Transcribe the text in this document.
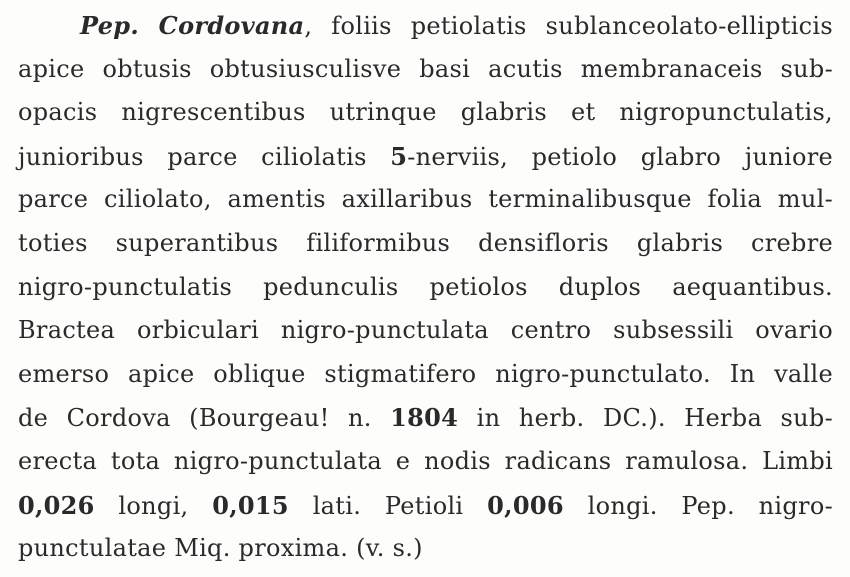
Pep. Cordovana, foliis petiolatis sublanceolato-ellipticis
apice obtusis obtusiusculisve basi acutis membranaceis sub-
opacis nigrescentibus utrinque glabris et nigropunctulatis,
junioribus parce ciliolatis 5-nerviis, petiolo glabro juniore
parce ciliolato, amentis axillaribus terminalibusque folia mul-
toties superantibus filiformibus densifloris glabris crebre
nigro-punctulatis pedunculis petiolos duplos aequantibus.
Bractea orbiculari nigro-punctulata centro subsessili ovario
emerso apice oblique stigmatifero nigro-punctulato. In valle
de Cordova (Bourgeau! n. 1804 in herb. DC.). Herba sub-
erecta tota nigro-punctulata e nodis radicans ramulosa. Limbi
0,026 longi, 0,015 lati. Petioli 0,006 longi. Pep. nigro-
punctulatae Miq. proxima. (v. s.)
